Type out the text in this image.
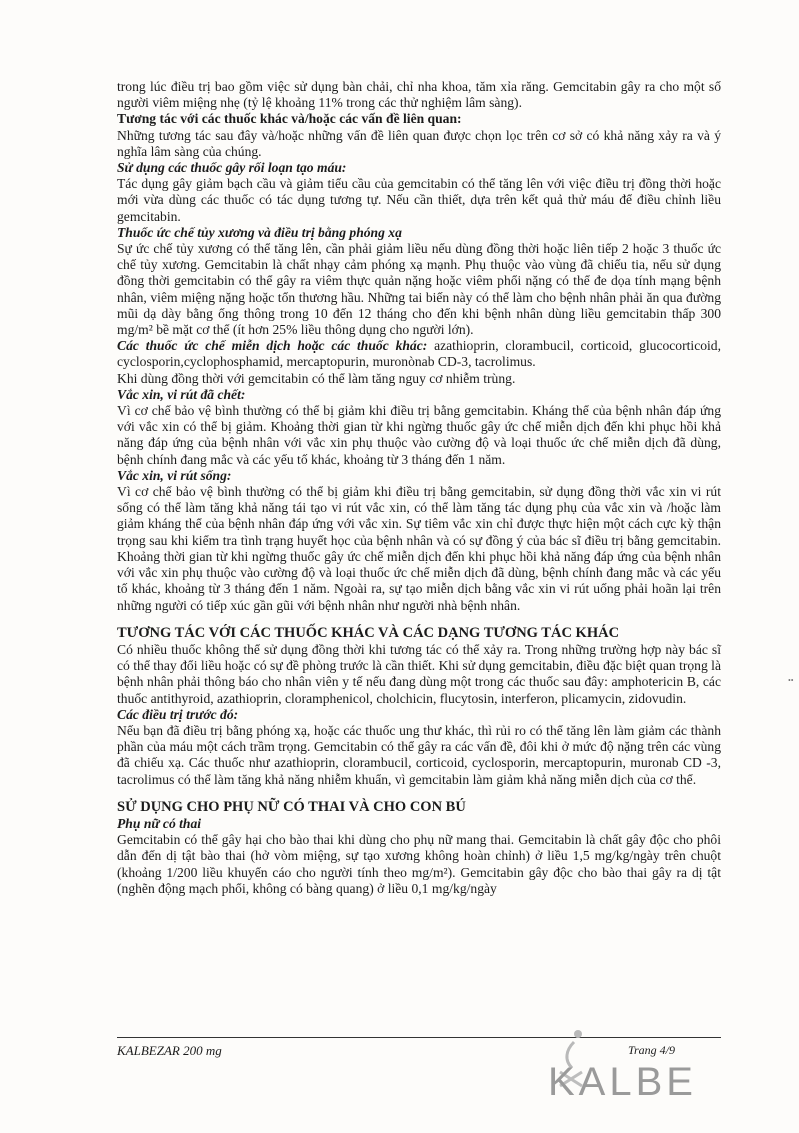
trong lúc điều trị bao gồm việc sử dụng bàn chải, chỉ nha khoa, tăm xỉa răng. Gemcitabin gây ra cho một số người viêm miệng nhẹ (tỷ lệ khoảng 11% trong các thử nghiệm lâm sàng).

Tương tác với các thuốc khác và/hoặc các vấn đề liên quan:

Những tương tác sau đây và/hoặc những vấn đề liên quan được chọn lọc trên cơ sở có khả năng xảy ra và ý nghĩa lâm sàng của chúng.

Sử dụng các thuốc gây rối loạn tạo máu:

Tác dụng gây giảm bạch cầu và giảm tiểu cầu của gemcitabin có thể tăng lên với việc điều trị đồng thời hoặc mới vừa dùng các thuốc có tác dụng tương tự. Nếu cần thiết, dựa trên kết quả thử máu để điều chỉnh liều gemcitabin.

Thuốc ức chế tủy xương và điều trị bằng phóng xạ

Sự ức chế tủy xương có thể tăng lên, cần phải giảm liều nếu dùng đồng thời hoặc liên tiếp 2 hoặc 3 thuốc ức chế tủy xương. Gemcitabin là chất nhạy cảm phóng xạ mạnh. Phụ thuộc vào vùng đã chiếu tia, nếu sử dụng đồng thời gemcitabin có thể gây ra viêm thực quản nặng hoặc viêm phổi nặng có thể đe dọa tính mạng bệnh nhân, viêm miệng nặng hoặc tổn thương hầu. Những tai biến này có thể làm cho bệnh nhân phải ăn qua đường mũi dạ dày bằng ống thông trong 10 đến 12 tháng cho đến khi bệnh nhân dùng liều gemcitabin thấp 300 mg/m² bề mặt cơ thể (ít hơn 25% liều thông dụng cho người lớn).

Các thuốc ức chế miễn dịch hoặc các thuốc khác: azathioprin, clorambucil, corticoid, glucocorticoid, cyclosporin,cyclophosphamid, mercaptopurin, muronònab CD-3, tacrolimus.

Khi dùng đồng thời với gemcitabin có thể làm tăng nguy cơ nhiễm trùng.

Vắc xin, vi rút đã chết:

Vì cơ chế bảo vệ bình thường có thể bị giảm khi điều trị bằng gemcitabin. Kháng thể của bệnh nhân đáp ứng với vắc xin có thể bị giảm. Khoảng thời gian từ khi ngừng thuốc gây ức chế miễn dịch đến khi phục hồi khả năng đáp ứng của bệnh nhân với vắc xin phụ thuộc vào cường độ và loại thuốc ức chế miễn dịch đã dùng, bệnh chính đang mắc và các yếu tố khác, khoảng từ 3 tháng đến 1 năm.

Vắc xin, vi rút sống:

Vì cơ chế bảo vệ bình thường có thể bị giảm khi điều trị bằng gemcitabin, sử dụng đồng thời vắc xin vi rút sống có thể làm tăng khả năng tái tạo vi rút vắc xin, có thể làm tăng tác dụng phụ của vắc xin và /hoặc làm giảm kháng thể của bệnh nhân đáp ứng với vắc xin. Sự tiêm vắc xin chỉ được thực hiện một cách cực kỳ thận trọng sau khi kiểm tra tình trạng huyết học của bệnh nhân và có sự đồng ý của bác sĩ điều trị bằng gemcitabin. Khoảng thời gian từ khi ngừng thuốc gây ức chế miễn dịch đến khi phục hồi khả năng đáp ứng của bệnh nhân với vắc xin phụ thuộc vào cường độ và loại thuốc ức chế miễn dịch đã dùng, bệnh chính đang mắc và các yếu tố khác, khoảng từ 3 tháng đến 1 năm. Ngoài ra, sự tạo miễn dịch bằng vắc xin vi rút uống phải hoãn lại trên những người có tiếp xúc gần gũi với bệnh nhân như người nhà bệnh nhân.

TƯƠNG TÁC VỚI CÁC THUỐC KHÁC VÀ CÁC DẠNG TƯƠNG TÁC KHÁC

Có nhiều thuốc không thể sử dụng đồng thời khi tương tác có thể xảy ra. Trong những trường hợp này bác sĩ có thể thay đổi liều hoặc có sự đề phòng trước là cần thiết. Khi sử dụng gemcitabin, điều đặc biệt quan trọng là bệnh nhân phải thông báo cho nhân viên y tế nếu đang dùng một trong các thuốc sau đây: amphotericin B, các thuốc antithyroid, azathioprin, cloramphenicol, cholchicin, flucytosin, interferon, plicamycin, zidovudin.

Các điều trị trước đó:

Nếu bạn đã điều trị bằng phóng xạ, hoặc các thuốc ung thư khác, thì rủi ro có thể tăng lên làm giảm các thành phần của máu một cách trầm trọng. Gemcitabin có thể gây ra các vấn đề, đôi khi ở mức độ nặng trên các vùng đã chiếu xạ. Các thuốc như azathioprin, clorambucil, corticoid, cyclosporin, mercaptopurin, muronab CD -3, tacrolimus có thể làm tăng khả năng nhiễm khuẩn, vì gemcitabin làm giảm khả năng miễn dịch của cơ thể.

SỬ DỤNG CHO PHỤ NỮ CÓ THAI VÀ CHO CON BÚ

Phụ nữ có thai

Gemcitabin có thể gây hại cho bào thai khi dùng cho phụ nữ mang thai. Gemcitabin là chất gây độc cho phôi dẫn đến dị tật bào thai (hở vòm miệng, sự tạo xương không hoàn chỉnh) ở liều 1,5 mg/kg/ngày trên chuột (khoảng 1/200 liều khuyến cáo cho người tính theo mg/m²). Gemcitabin gây độc cho bào thai gây ra dị tật (nghẽn động mạch phổi, không có bàng quang) ở liều 0,1 mg/kg/ngày

KALBEZAR 200 mg	Trang 4/9
KALBE
••
